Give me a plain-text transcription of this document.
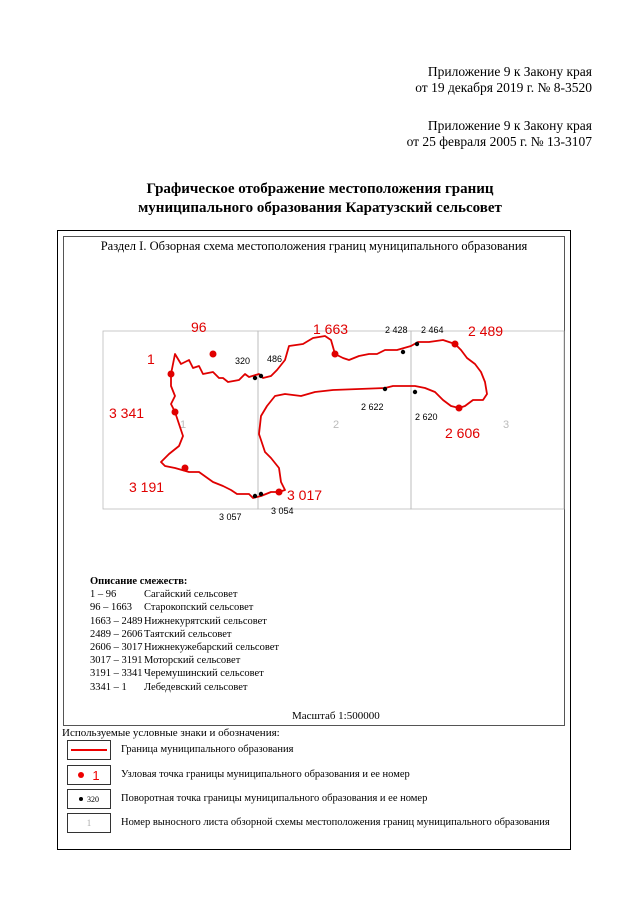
Приложение 9 к Закону края
от 19 декабря 2019 г. № 8-3520
Приложение 9 к Закону края
от 25 февраля 2005 г. № 13-3107
Графическое отображение местоположения границ
муниципального образования Каратузский сельсовет
Раздел I. Обзорная схема местоположения границ муниципального образования
1	2	3
96
1
1 663	2 489
3 341
2 606
3 191	3 017
320 486
2 428 2 464
2 622
2 620
3 057
3 054
Описание смежеств:
1 – 96	Сагайский сельсовет
96 – 1663	Старокопский сельсовет
1663 – 2489 Нижнекурятский сельсовет
2489 – 2606 Таятский сельсовет
2606 – 3017 Нижнекужебарский сельсовет
3017 – 3191 Моторский сельсовет
3191 – 3341 Черемушинский сельсовет
3341 – 1	Лебедевский сельсовет
Масштаб 1:500000
Используемые условные знаки и обозначения:
Граница муниципального образования
1 Узловая точка границы муниципального образования и ее номер
320 Поворотная точка границы муниципального образования и ее номер
1	Номер выносного листа обзорной схемы местоположения границ муниципального образования
